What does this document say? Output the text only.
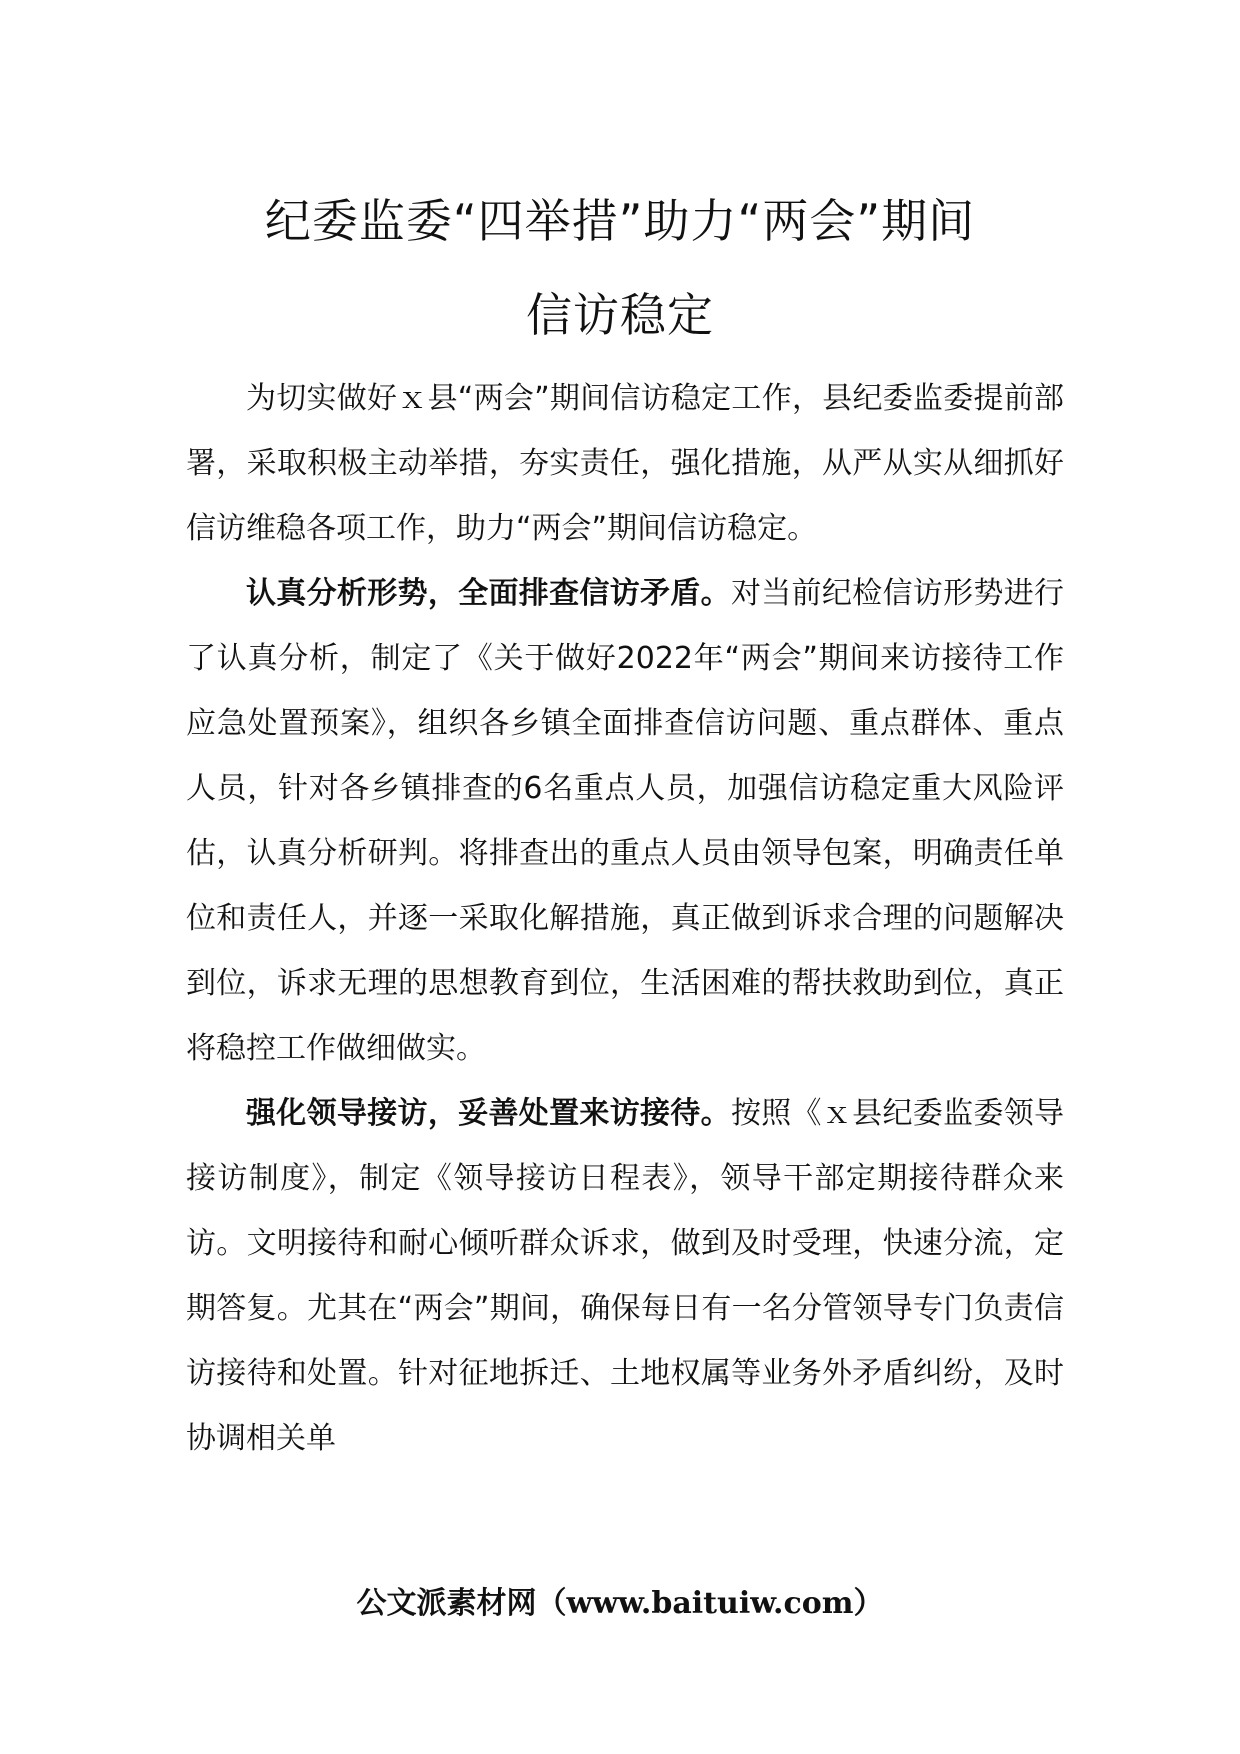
纪委监委“四举措”助力“两会”期间
信访稳定

为切实做好ｘ县“两会”期间信访稳定工作，县纪委监委提前部署，采取积极主动举措，夯实责任，强化措施，从严从实从细抓好信访维稳各项工作，助力“两会”期间信访稳定。

认真分析形势，全面排查信访矛盾。对当前纪检信访形势进行了认真分析，制定了《关于做好2022年“两会”期间来访接待工作应急处置预案》，组织各乡镇全面排查信访问题、重点群体、重点人员，针对各乡镇排查的6名重点人员，加强信访稳定重大风险评估，认真分析研判。将排查出的重点人员由领导包案，明确责任单位和责任人，并逐一采取化解措施，真正做到诉求合理的问题解决到位，诉求无理的思想教育到位，生活困难的帮扶救助到位，真正将稳控工作做细做实。

强化领导接访，妥善处置来访接待。按照《ｘ县纪委监委领导接访制度》，制定《领导接访日程表》，领导干部定期接待群众来访。文明接待和耐心倾听群众诉求，做到及时受理，快速分流，定期答复。尤其在“两会”期间，确保每日有一名分管领导专门负责信访接待和处置。针对征地拆迁、土地权属等业务外矛盾纠纷，及时协调相关单

公文派素材网（www.baituiw.com）
